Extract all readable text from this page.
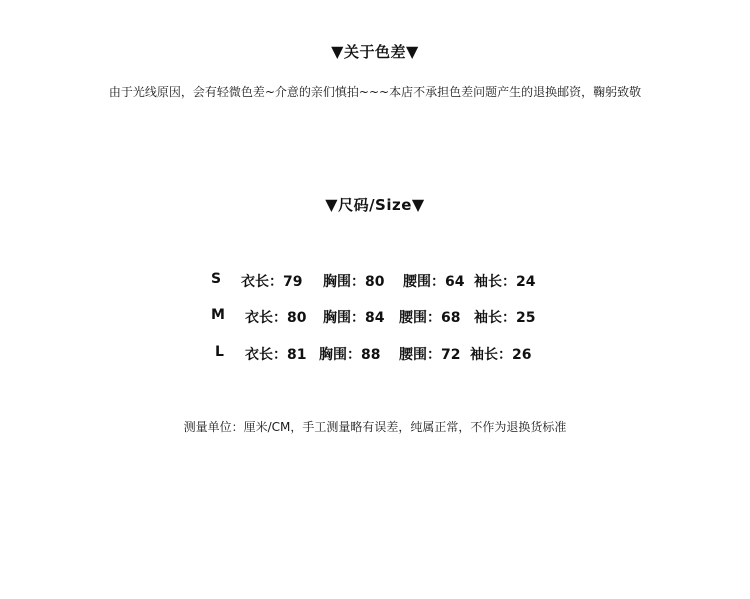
▼关于色差▼
由于光线原因，会有轻微色差~介意的亲们慎拍~~~本店不承担色差问题产生的退换邮资，鞠躬致敬
▼尺码/Size▼
S 衣长：79 胸围：80 腰围：64 袖长：24
M 衣长：80 胸围：84 腰围：68 袖长：25
L 衣长：81 胸围：88 腰围：72 袖长：26
测量单位：厘米/CM，手工测量略有误差，纯属正常，不作为退换货标准
